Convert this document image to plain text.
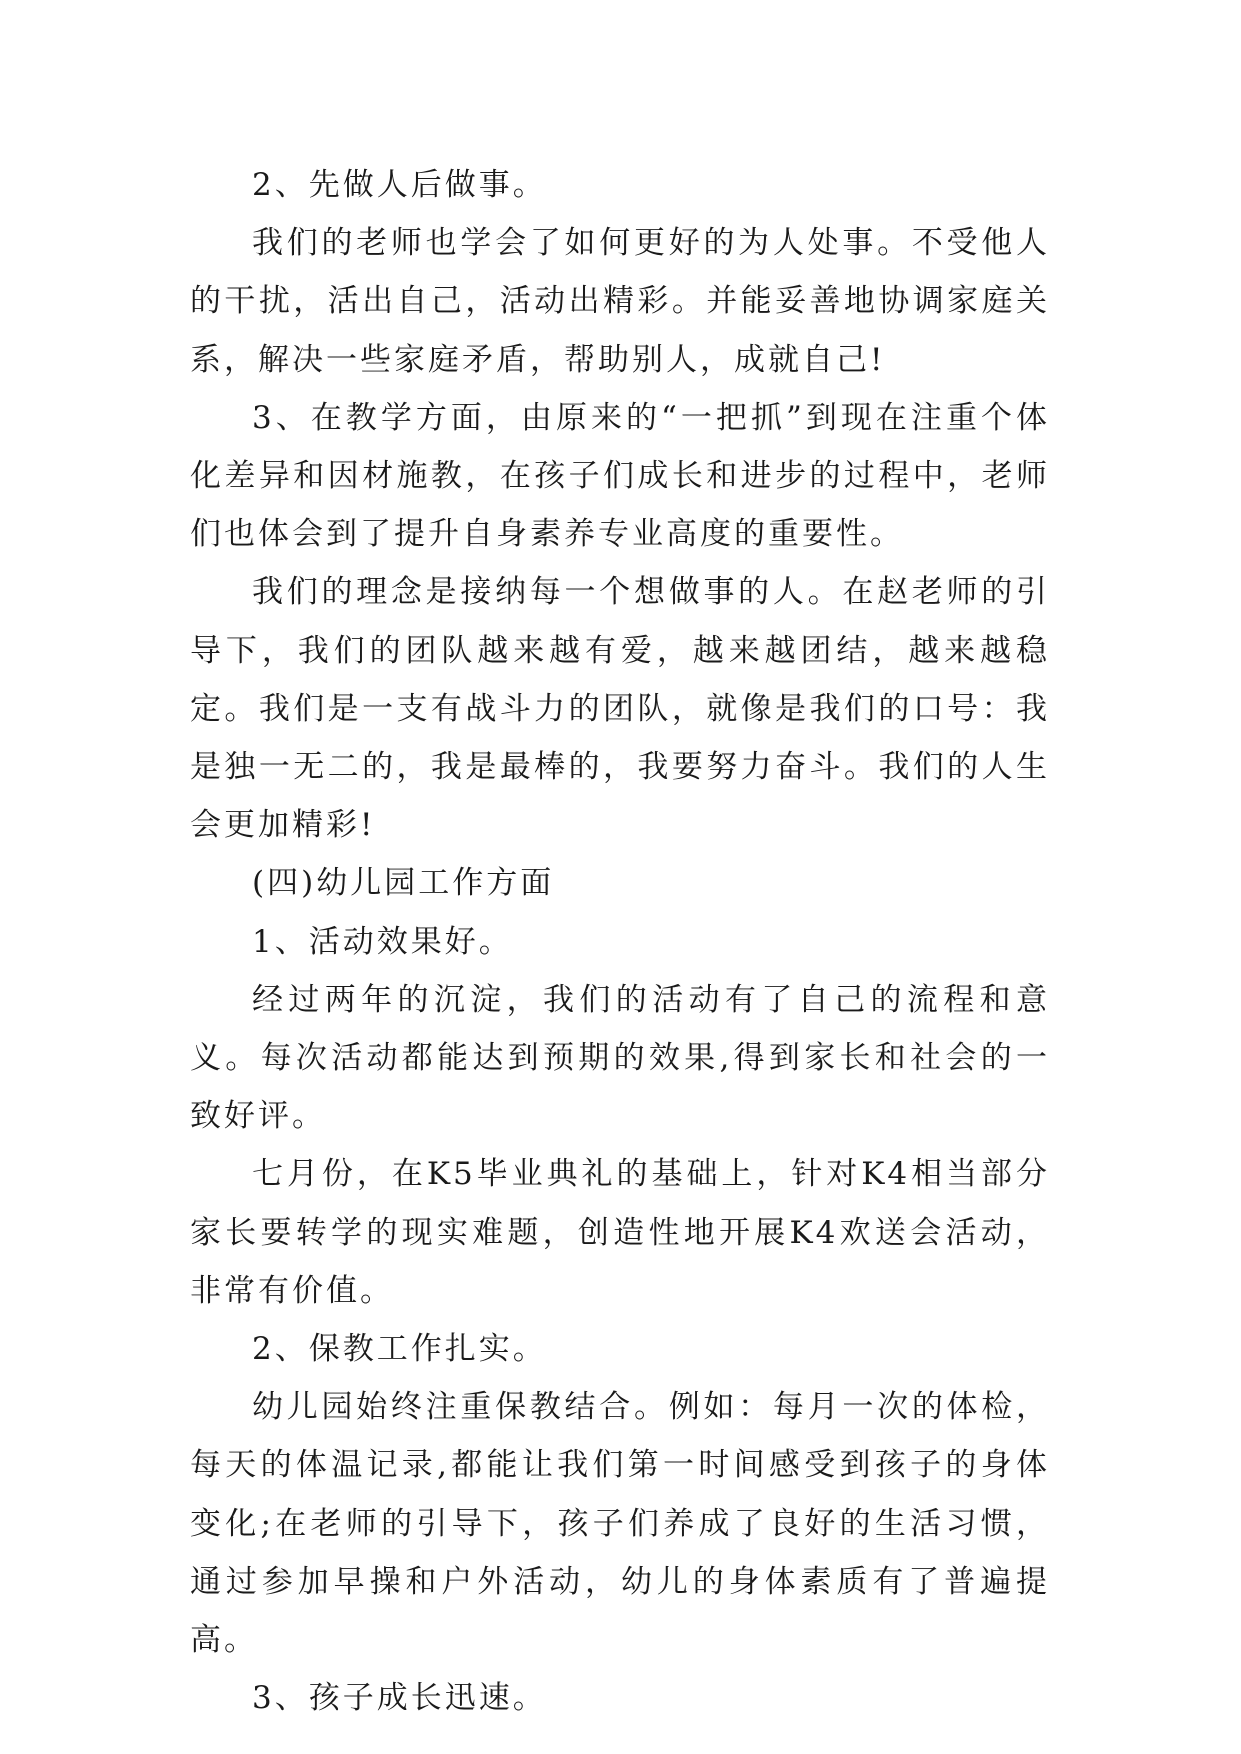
2、先做人后做事。

我们的老师也学会了如何更好的为人处事。不受他人的干扰，活出自己，活动出精彩。并能妥善地协调家庭关系，解决一些家庭矛盾，帮助别人，成就自己!

3、在教学方面，由原来的“一把抓”到现在注重个体化差异和因材施教，在孩子们成长和进步的过程中，老师们也体会到了提升自身素养专业高度的重要性。

我们的理念是接纳每一个想做事的人。在赵老师的引导下，我们的团队越来越有爱，越来越团结，越来越稳定。我们是一支有战斗力的团队，就像是我们的口号：我是独一无二的，我是最棒的，我要努力奋斗。我们的人生会更加精彩!

(四)幼儿园工作方面

1、活动效果好。

经过两年的沉淀，我们的活动有了自己的流程和意义。每次活动都能达到预期的效果,得到家长和社会的一致好评。

七月份，在K5毕业典礼的基础上，针对K4相当部分家长要转学的现实难题，创造性地开展K4欢送会活动，非常有价值。

2、保教工作扎实。

幼儿园始终注重保教结合。例如：每月一次的体检，每天的体温记录,都能让我们第一时间感受到孩子的身体变化;在老师的引导下，孩子们养成了良好的生活习惯，通过参加早操和户外活动，幼儿的身体素质有了普遍提高。

3、孩子成长迅速。
